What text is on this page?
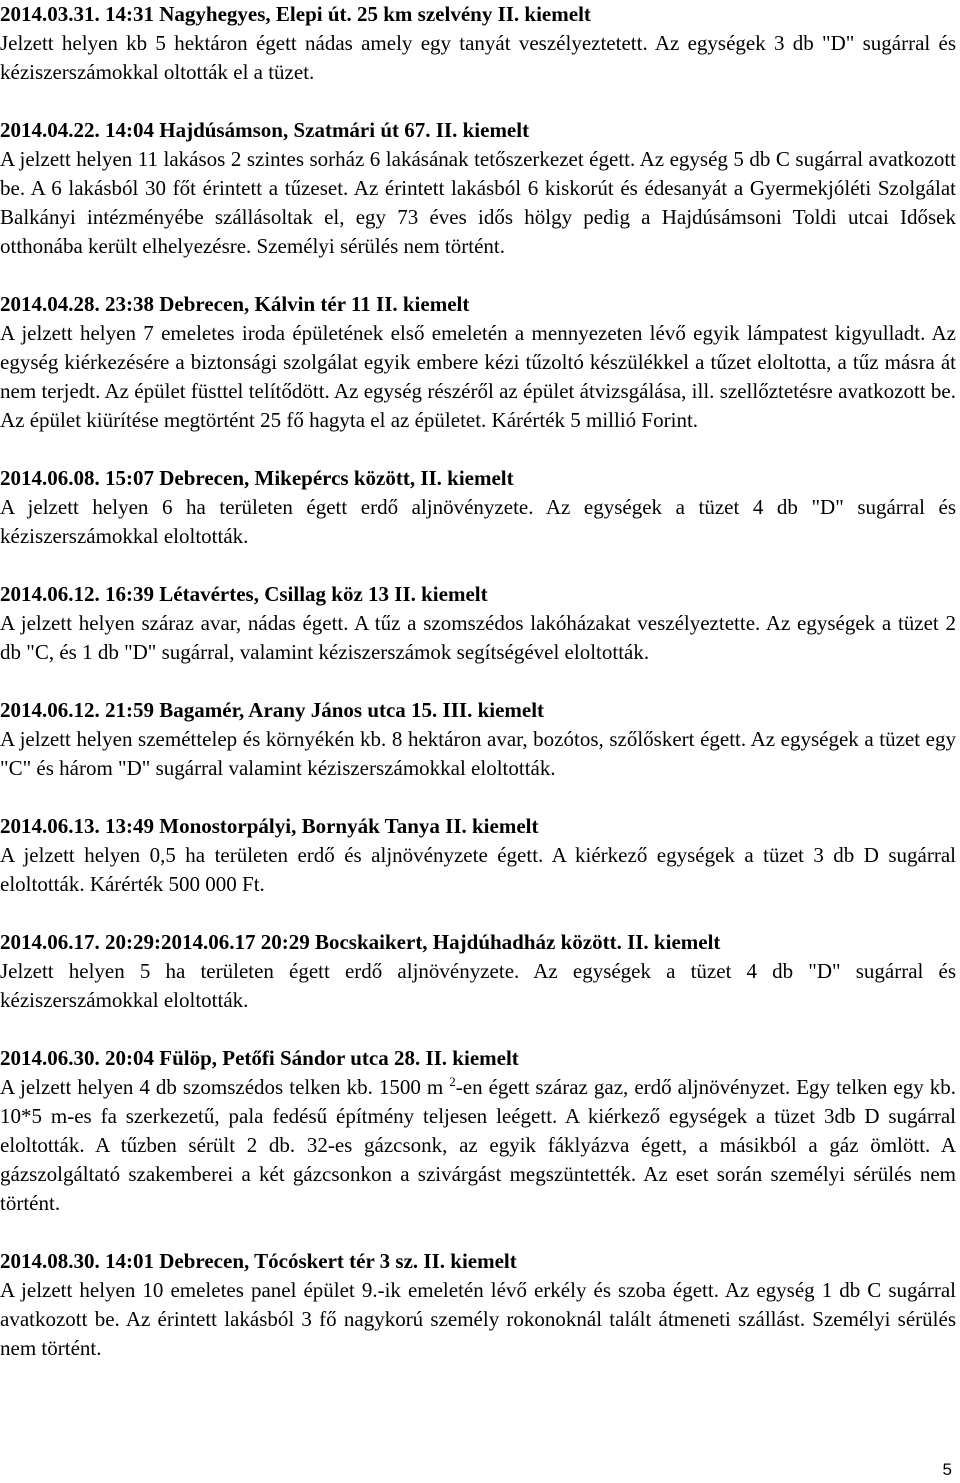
2014.03.31. 14:31 Nagyhegyes, Elepi út. 25 km szelvény II. kiemelt
Jelzett helyen kb 5 hektáron égett nádas amely egy tanyát veszélyeztetett. Az egységek 3 db "D" sugárral és kéziszerszámokkal oltották el a tüzet.
2014.04.22. 14:04 Hajdúsámson, Szatmári út 67. II. kiemelt
A jelzett helyen 11 lakásos 2 szintes sorház 6 lakásának tetőszerkezet égett. Az egység 5 db C sugárral avatkozott be. A 6 lakásból 30 főt érintett a tűzeset. Az érintett lakásból 6 kiskorút és édesanyát a Gyermekjóléti Szolgálat Balkányi intézményébe szállásoltak el, egy 73 éves idős hölgy pedig a Hajdúsámsoni Toldi utcai Idősek otthonába került elhelyezésre. Személyi sérülés nem történt.
2014.04.28. 23:38 Debrecen, Kálvin tér 11 II. kiemelt
A jelzett helyen 7 emeletes iroda épületének első emeletén a mennyezeten lévő egyik lámpatest kigyulladt. Az egység kiérkezésére a biztonsági szolgálat egyik embere kézi tűzoltó készülékkel a tűzet eloltotta, a tűz másra át nem terjedt. Az épület füsttel telítődött. Az egység részéről az épület átvizsgálása, ill. szellőztetésre avatkozott be. Az épület kiürítése megtörtént 25 fő hagyta el az épületet. Kárérték 5 millió Forint.
2014.06.08. 15:07 Debrecen, Mikepércs között, II. kiemelt
A jelzett helyen 6 ha területen égett erdő aljnövényzete. Az egységek a tüzet 4 db "D" sugárral és kéziszerszámokkal eloltották.
2014.06.12. 16:39 Létavértes, Csillag köz 13 II. kiemelt
A jelzett helyen száraz avar, nádas égett. A tűz a szomszédos lakóházakat veszélyeztette. Az egységek a tüzet 2 db "C, és 1 db "D" sugárral, valamint kéziszerszámok segítségével eloltották.
2014.06.12. 21:59 Bagamér, Arany János utca 15. III. kiemelt
A jelzett helyen szeméttelep és környékén kb. 8 hektáron avar, bozótos, szőlőskert égett. Az egységek a tüzet egy "C" és három "D" sugárral valamint kéziszerszámokkal eloltották.
2014.06.13. 13:49 Monostorpályi, Bornyák Tanya II. kiemelt
A jelzett helyen 0,5 ha területen erdő és aljnövényzete égett. A kiérkező egységek a tüzet 3 db D sugárral eloltották. Kárérték 500 000 Ft.
2014.06.17. 20:29:2014.06.17 20:29 Bocskaikert, Hajdúhadház között. II. kiemelt
Jelzett helyen 5 ha területen égett erdő aljnövényzete. Az egységek a tüzet 4 db "D" sugárral és kéziszerszámokkal eloltották.
2014.06.30. 20:04 Fülöp, Petőfi Sándor utca 28. II. kiemelt
A jelzett helyen 4 db szomszédos telken kb. 1500 m $^2$-en égett száraz gaz, erdő aljnövényzet. Egy telken egy kb. 10*5 m-es fa szerkezetű, pala fedésű építmény teljesen leégett. A kiérkező egységek a tüzet 3db D sugárral eloltották. A tűzben sérült 2 db. 32-es gázcsonk, az egyik fáklyázva égett, a másikból a gáz ömlött. A gázszolgáltató szakemberei a két gázcsonkon a szivárgást megszüntették. Az eset során személyi sérülés nem történt.
2014.08.30. 14:01 Debrecen, Tócóskert tér 3 sz. II. kiemelt
A jelzett helyen 10 emeletes panel épület 9.-ik emeletén lévő erkély és szoba égett. Az egység 1 db C sugárral avatkozott be. Az érintett lakásból 3 fő nagykorú személy rokonoknál talált átmeneti szállást. Személyi sérülés nem történt.
5
